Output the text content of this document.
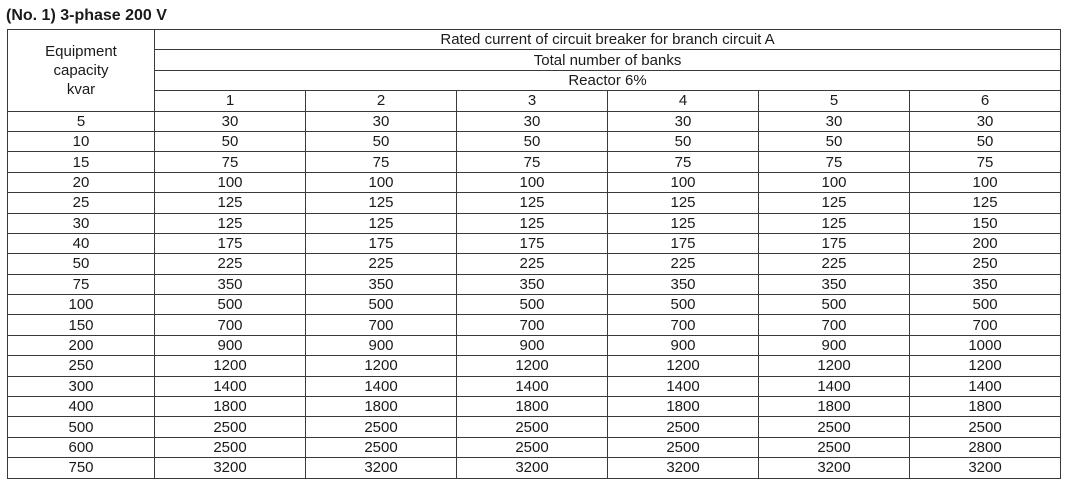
(No. 1) 3-phase 200 V
Equipment
capacity
kvar	Rated current of circuit breaker for branch circuit A					
	Total number of banks					
	Reactor 6%					
	1	2	3	4	5	6
5	30	30	30	30	30	30
10	50	50	50	50	50	50
15	75	75	75	75	75	75
20	100	100	100	100	100	100
25	125	125	125	125	125	125
30	125	125	125	125	125	150
40	175	175	175	175	175	200
50	225	225	225	225	225	250
75	350	350	350	350	350	350
100	500	500	500	500	500	500
150	700	700	700	700	700	700
200	900	900	900	900	900	1000
250	1200	1200	1200	1200	1200	1200
300	1400	1400	1400	1400	1400	1400
400	1800	1800	1800	1800	1800	1800
500	2500	2500	2500	2500	2500	2500
600	2500	2500	2500	2500	2500	2800
750	3200	3200	3200	3200	3200	3200
